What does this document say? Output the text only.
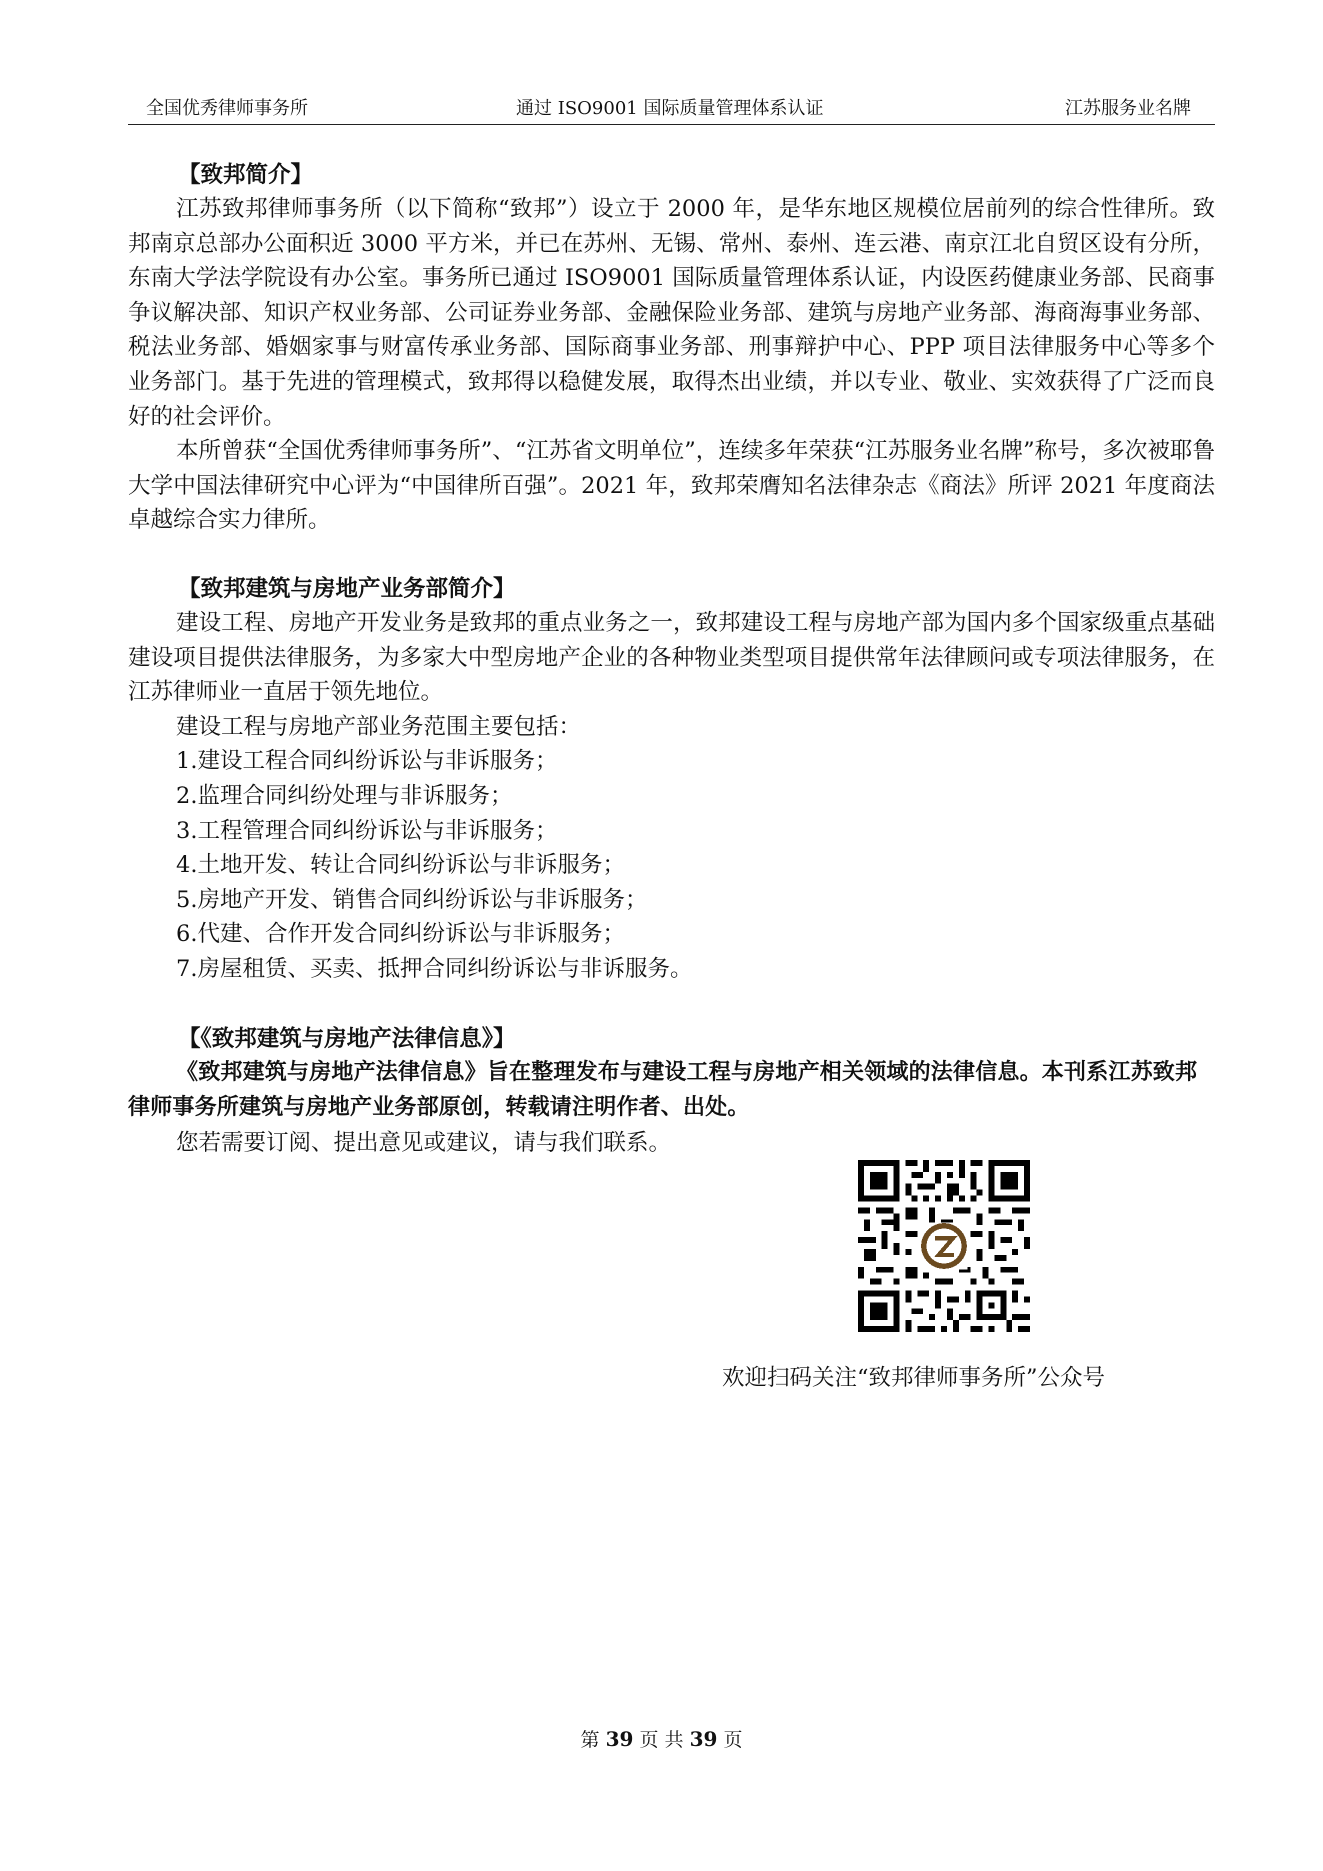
全国优秀律师事务所	通过 ISO9001 国际质量管理体系认证	江苏服务业名牌
【致邦简介】

江苏致邦律师事务所（以下简称“致邦”）设立于 2000 年，是华东地区规模位居前列的综合性律所。致邦南京总部办公面积近 3000 平方米，并已在苏州、无锡、常州、泰州、连云港、南京江北自贸区设有分所，东南大学法学院设有办公室。事务所已通过 ISO9001 国际质量管理体系认证，内设医药健康业务部、民商事争议解决部、知识产权业务部、公司证券业务部、金融保险业务部、建筑与房地产业务部、海商海事业务部、税法业务部、婚姻家事与财富传承业务部、国际商事业务部、刑事辩护中心、PPP 项目法律服务中心等多个业务部门。基于先进的管理模式，致邦得以稳健发展，取得杰出业绩，并以专业、敬业、实效获得了广泛而良好的社会评价。

本所曾获“全国优秀律师事务所”、“江苏省文明单位”，连续多年荣获“江苏服务业名牌”称号，多次被耶鲁大学中国法律研究中心评为“中国律所百强”。2021 年，致邦荣膺知名法律杂志《商法》所评 2021 年度商法卓越综合实力律所。

【致邦建筑与房地产业务部简介】

建设工程、房地产开发业务是致邦的重点业务之一，致邦建设工程与房地产部为国内多个国家级重点基础建设项目提供法律服务，为多家大中型房地产企业的各种物业类型项目提供常年法律顾问或专项法律服务，在江苏律师业一直居于领先地位。

建设工程与房地产部业务范围主要包括：

1.建设工程合同纠纷诉讼与非诉服务；
2.监理合同纠纷处理与非诉服务；
3.工程管理合同纠纷诉讼与非诉服务；
4.土地开发、转让合同纠纷诉讼与非诉服务；
5.房地产开发、销售合同纠纷诉讼与非诉服务；
6.代建、合作开发合同纠纷诉讼与非诉服务；
7.房屋租赁、买卖、抵押合同纠纷诉讼与非诉服务。
【《致邦建筑与房地产法律信息》】

《致邦建筑与房地产法律信息》旨在整理发布与建设工程与房地产相关领域的法律信息。本刊系江苏致邦律师事务所建筑与房地产业务部原创，转载请注明作者、出处。

您若需要订阅、提出意见或建议，请与我们联系。

欢迎扫码关注“致邦律师事务所”公众号
第 39 页 共 39 页
